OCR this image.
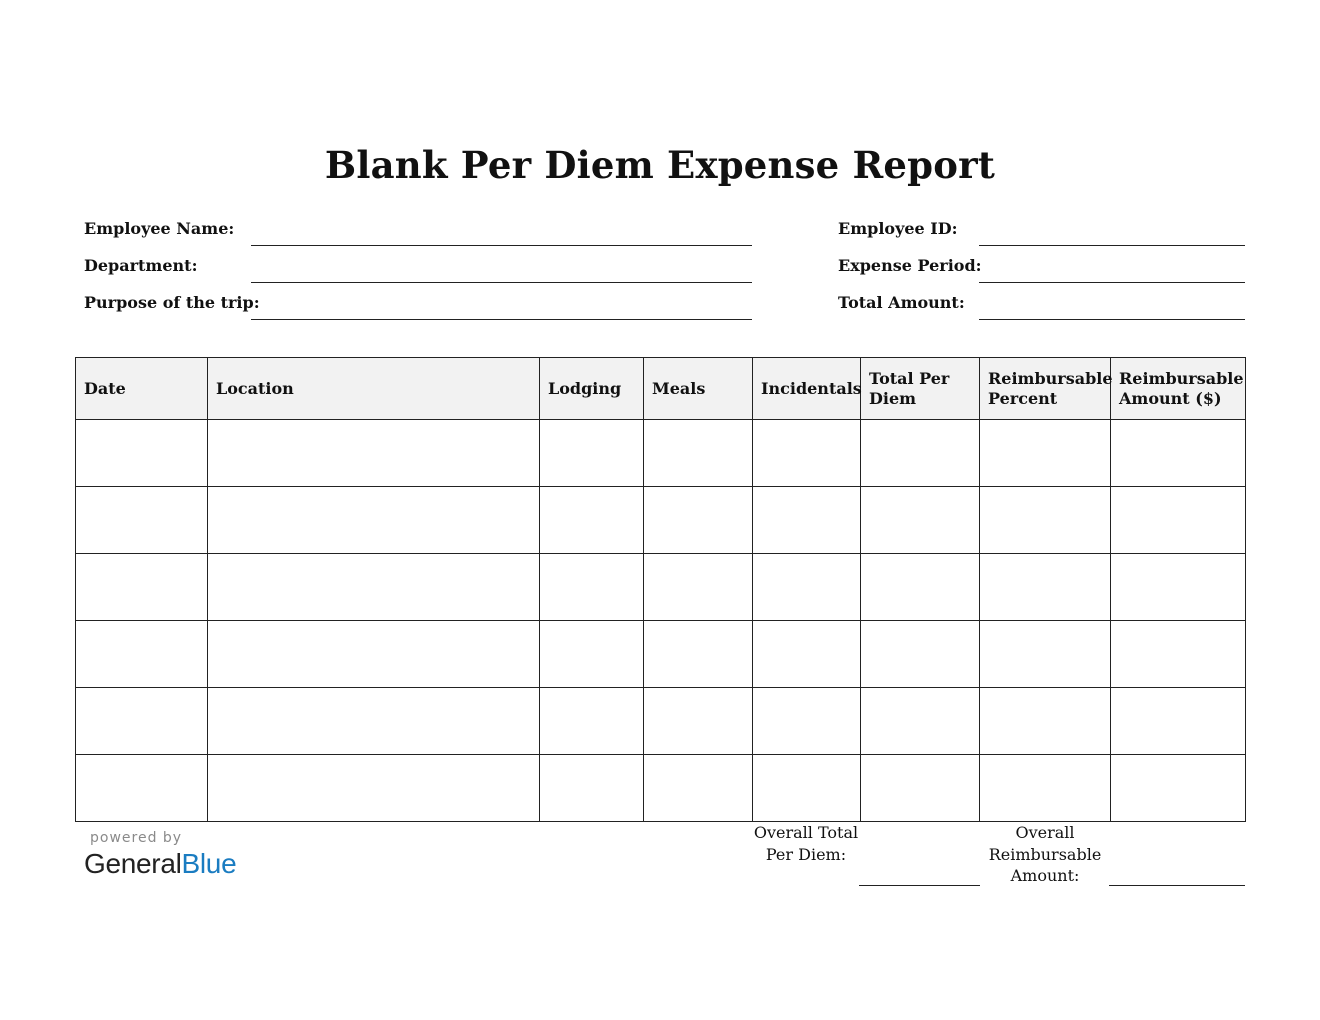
Blank Per Diem Expense Report
Employee Name:
Department:
Purpose of the trip:
Employee ID:
Expense Period:
Total Amount:
Date	Location	Lodging	Meals	Incidentals	Total Per Diem	Reimbursable Percent	Reimbursable Amount ($)

Overall Total Per Diem:
Overall Reimbursable Amount:
powered by
GeneralBlue
